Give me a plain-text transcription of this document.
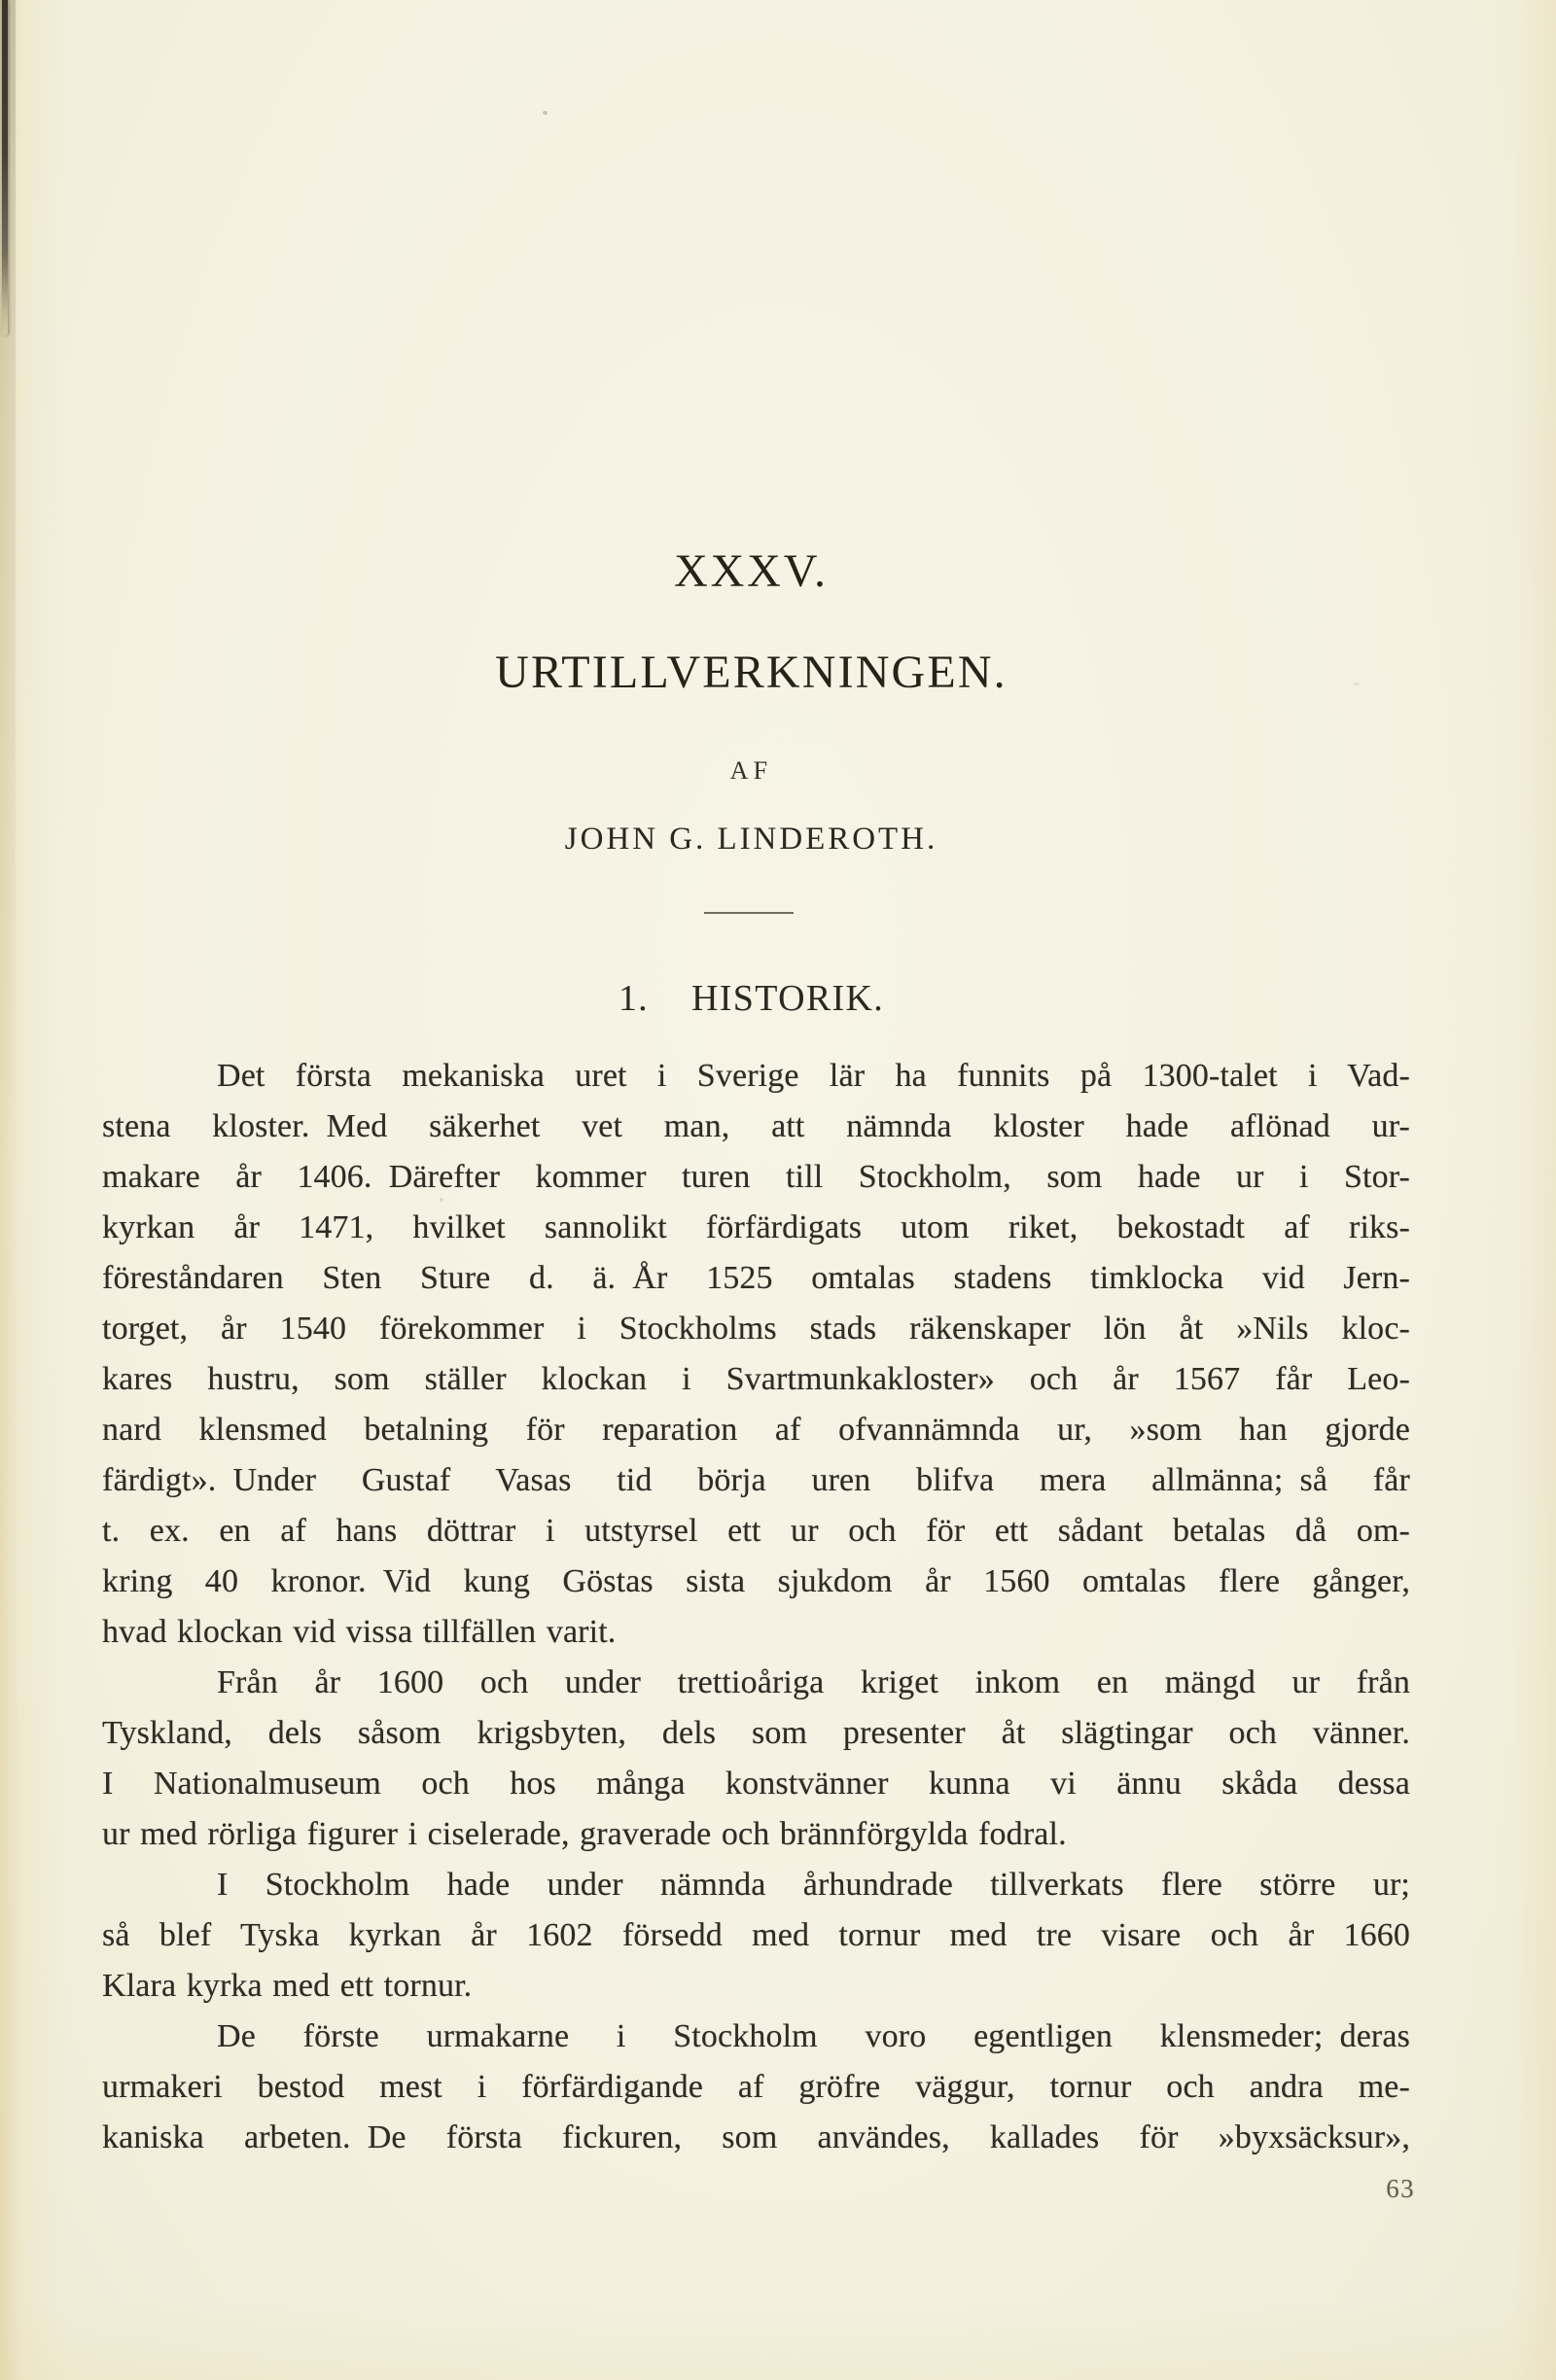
XXXV.
URTILLVERKNINGEN.
AF
JOHN G. LINDEROTH.
1. HISTORIK.
Det första mekaniska uret i Sverige lär ha funnits på 1300-talet i Vad-
stena kloster. Med säkerhet vet man, att nämnda kloster hade aflönad ur-
makare år 1406. Därefter kommer turen till Stockholm, som hade ur i Stor-
kyrkan år 1471, hvilket sannolikt förfärdigats utom riket, bekostadt af riks-
föreståndaren Sten Sture d. ä. År 1525 omtalas stadens timklocka vid Jern-
torget, år 1540 förekommer i Stockholms stads räkenskaper lön åt »Nils kloc-
kares hustru, som ställer klockan i Svartmunkakloster» och år 1567 får Leo-
nard klensmed betalning för reparation af ofvannämnda ur, »som han gjorde
färdigt». Under Gustaf Vasas tid börja uren blifva mera allmänna; så får
t. ex. en af hans döttrar i utstyrsel ett ur och för ett sådant betalas då om-
kring 40 kronor. Vid kung Göstas sista sjukdom år 1560 omtalas flere gånger,
hvad klockan vid vissa tillfällen varit.
Från år 1600 och under trettioåriga kriget inkom en mängd ur från
Tyskland, dels såsom krigsbyten, dels som presenter åt slägtingar och vänner.
I Nationalmuseum och hos många konstvänner kunna vi ännu skåda dessa
ur med rörliga figurer i ciselerade, graverade och brännförgylda fodral.
I Stockholm hade under nämnda århundrade tillverkats flere större ur;
så blef Tyska kyrkan år 1602 försedd med tornur med tre visare och år 1660
Klara kyrka med ett tornur.
De förste urmakarne i Stockholm voro egentligen klensmeder; deras
urmakeri bestod mest i förfärdigande af gröfre väggur, tornur och andra me-
kaniska arbeten. De första fickuren, som användes, kallades för »byxsäcksur»,
63
